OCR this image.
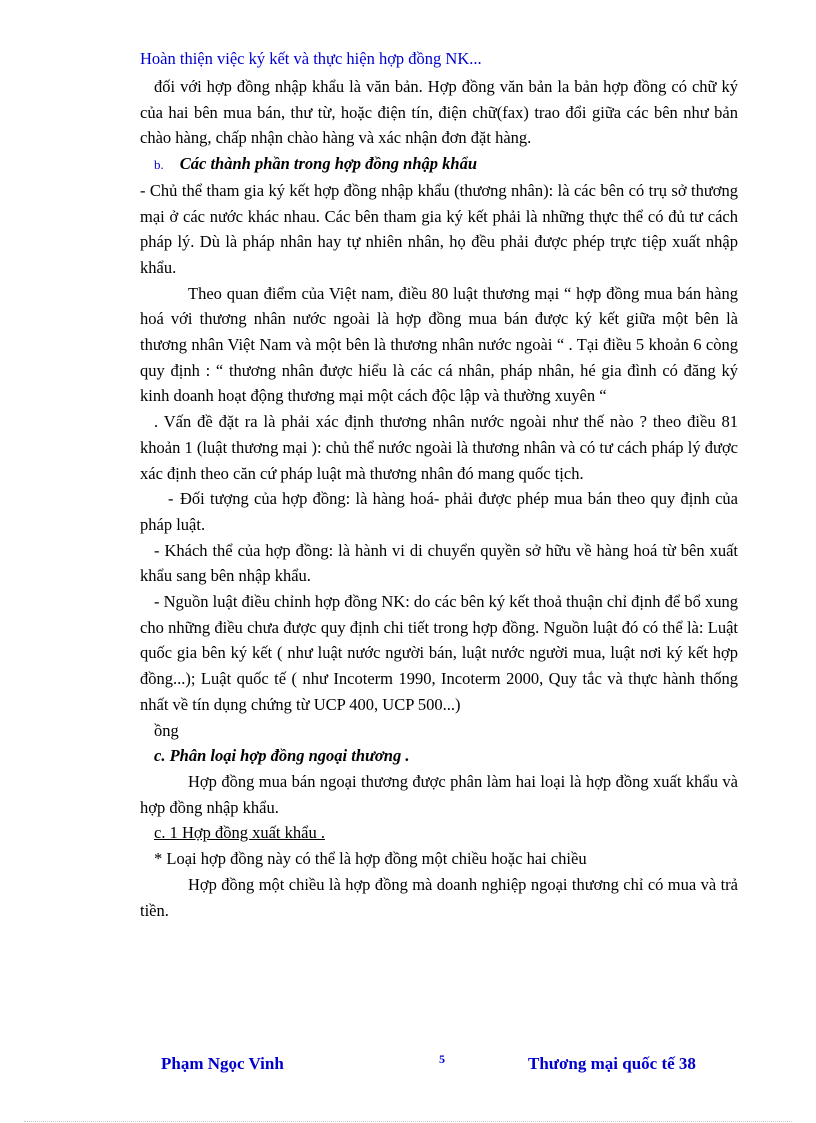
Hoàn thiện việc ký kết và thực hiện hợp đồng NK...

đối với hợp đồng nhập khẩu là văn bản. Hợp đồng văn bản la bản hợp đồng có chữ ký của hai bên mua bán, thư từ, hoặc điện tín, điện chữ(fax) trao đổi giữa các bên như bản chào hàng, chấp nhận chào hàng và xác nhận đơn đặt hàng.

b. Các thành phần trong hợp đồng nhập khẩu

- Chủ thể tham gia ký kết hợp đồng nhập khẩu (thương nhân): là các bên có trụ sở thương mại ở các nước khác nhau. Các bên tham gia ký kết phải là những thực thể có đủ tư cách pháp lý. Dù là pháp nhân hay tự nhiên nhân, họ đều phải được phép trực tiệp xuất nhập khẩu.

Theo quan điểm của Việt nam, điều 80 luật thương mại “ hợp đồng mua bán hàng hoá với thương nhân nước ngoài là hợp đồng mua bán được ký kết giữa một bên là thương nhân Việt Nam và một bên là thương nhân nước ngoài “ . Tại điều 5 khoản 6 còng quy định : “ thương nhân được hiểu là các cá nhân, pháp nhân, hé gia đình có đăng ký kinh doanh hoạt động thương mại một cách độc lập và thường xuyên “

. Vấn đề đặt ra là phải xác định thương nhân nước ngoài như thế nào ? theo điều 81 khoản 1 (luật thương mại ): chủ thể nước ngoài là thương nhân và có tư cách pháp lý được xác định theo căn cứ pháp luật mà thương nhân đó mang quốc tịch.

- Đối tượng của hợp đồng: là hàng hoá- phải được phép mua bán theo quy định của pháp luật.

- Khách thể của hợp đồng: là hành vi di chuyển quyền sở hữu về hàng hoá từ bên xuất khẩu sang bên nhập khẩu.

- Nguồn luật điều chỉnh hợp đồng NK: do các bên ký kết thoả thuận chỉ định để bổ xung cho những điều chưa được quy định chi tiết trong hợp đồng. Nguồn luật đó có thể là: Luật quốc gia bên ký kết ( như luật nước người bán, luật nước người mua, luật nơi ký kết hợp đồng...); Luật quốc tế ( như Incoterm 1990, Incoterm 2000, Quy tắc và thực hành thống nhất về tín dụng chứng từ UCP 400, UCP 500...)

ồng

c. Phân loại hợp đồng ngoại thương .

Hợp đồng mua bán ngoại thương được phân làm hai loại là hợp đồng xuất khẩu và hợp đồng nhập khẩu.

c. 1 Hợp đồng xuất khẩu .

* Loại hợp đồng này có thể là hợp đồng một chiều hoặc hai chiều

Hợp đồng một chiều là hợp đồng mà doanh nghiệp ngoại thương chỉ có mua và trả tiền.

Phạm Ngọc Vinh	5	Thương mại quốc tế 38
